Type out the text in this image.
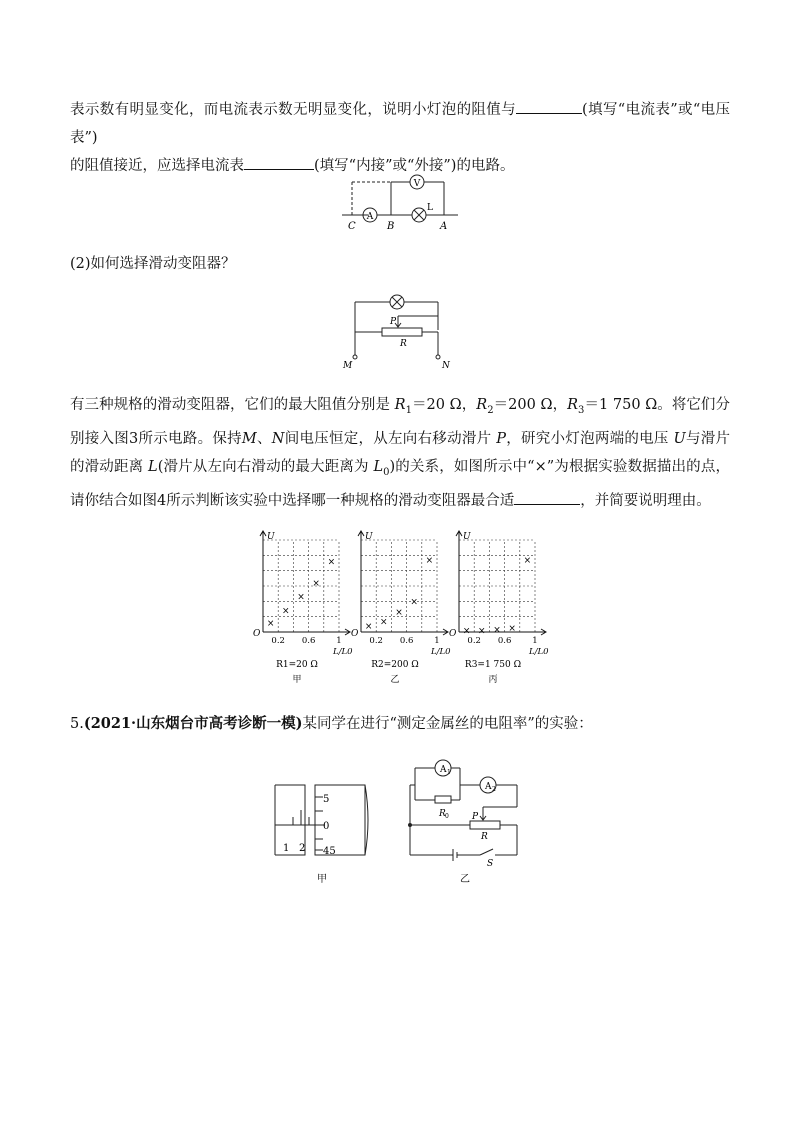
表示数有明显变化，而电流表示数无明显变化，说明小灯泡的阻值与	(填写“电流表”或“电压表”)
的阻值接近，应选择电流表	(填写“内接”或“外接”)的电路。
A
V
L
C	B	A
(2)如何选择滑动变阻器？
P
R
M	N
有三种规格的滑动变阻器，它们的最大阻值分别是 $R_1=20$ Ω，$R_2=200$ Ω，$R_3=1$ 750 Ω。将它们分别接入图3所示电路。保持M、N间电压恒定，从左向右移动滑片 P，研究小灯泡两端的电压 U与滑片的滑动距离 L(滑片从左向右滑动的最大距离为 $L_0$)的关系，如图所示中“×”为根据实验数据描出的点，请你结合如图4所示判断该实验中选择哪一种规格的滑动变阻器最合适	，并简要说明理由。
U
O
0.2 0.6 1
L/L0
R1=20 Ω
甲
×
×
×
×
×
U
O
0.2 0.6 1
L/L0
R2=200 Ω
乙
× ×
×
×
×
U
O
0.2 0.6 1
L/L0
R3=1 750 Ω
丙
× × × ×
×
5.(2021·山东烟台市高考诊断一模)某同学在进行“测定金属丝的电阻率”的实验：
5
0
45
1 2
甲
A 1
A 2
R 0	P
R
S
乙
